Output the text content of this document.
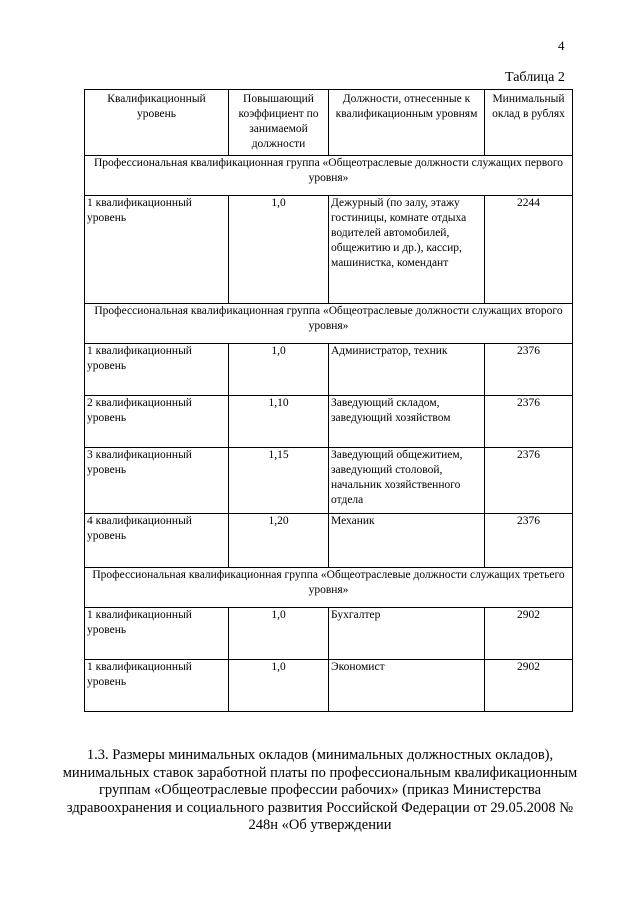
4
Таблица 2
Квалификационный уровень	Повышающий коэффициент по занимаемой должности	Должности, отнесенные к квалификационным уровням	Минимальный оклад в рублях
Профессиональная квалификационная группа «Общеотраслевые должности служащих первого уровня»			
1 квалификационный уровень	1,0	Дежурный (по залу, этажу гостиницы, комнате отдыха водителей автомобилей, общежитию и др.), кассир, машинистка, комендант	2244
Профессиональная квалификационная группа «Общеотраслевые должности служащих второго уровня»			
1 квалификационный уровень	1,0	Администратор, техник	2376
2 квалификационный уровень	1,10	Заведующий складом, заведующий хозяйством	2376
3 квалификационный уровень	1,15	Заведующий общежитием, заведующий столовой, начальник хозяйственного отдела	2376
4 квалификационный уровень	1,20	Механик	2376
Профессиональная квалификационная группа «Общеотраслевые должности служащих третьего уровня»			
1 квалификационный уровень	1,0	Бухгалтер	2902
1 квалификационный уровень	1,0	Экономист	2902

1.3. Размеры минимальных окладов (минимальных должностных окладов), минимальных ставок заработной платы по профессиональным квалификационным группам «Общеотраслевые профессии рабочих» (приказ Министерства здравоохранения и социального развития Российской Федерации от 29.05.2008 № 248н «Об утверждении
